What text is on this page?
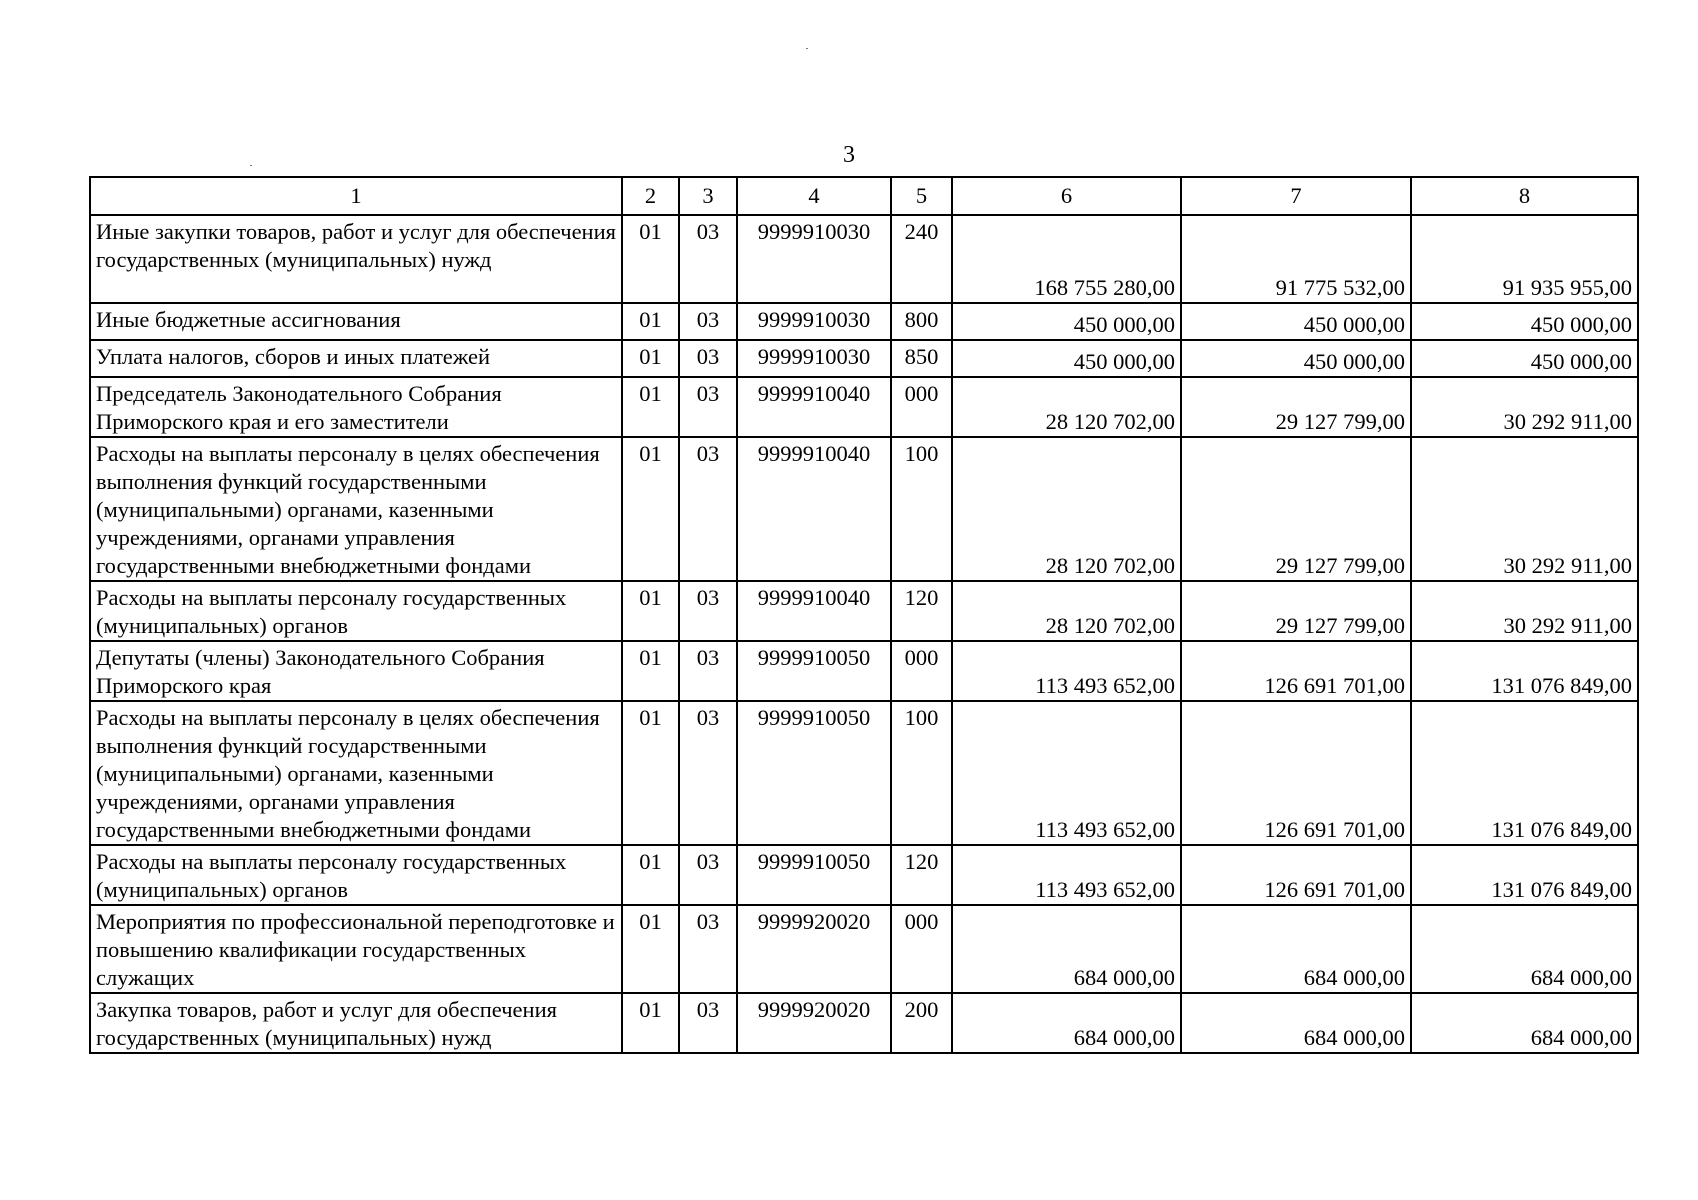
3
1	2	3	4	5	6	7	8
Иные закупки товаров, работ и услуг для обеспечения государственных (муниципальных) нужд	01	03	9999910030	240	168 755 280,00	91 775 532,00	91 935 955,00
Иные бюджетные ассигнования	01	03	9999910030	800	450 000,00	450 000,00	450 000,00
Уплата налогов, сборов и иных платежей	01	03	9999910030	850	450 000,00	450 000,00	450 000,00
Председатель Законодательного Собрания Приморского края и его заместители	01	03	9999910040	000	28 120 702,00	29 127 799,00	30 292 911,00
Расходы на выплаты персоналу в целях обеспечения выполнения функций государственными (муниципальными) органами, казенными учреждениями, органами управления государственными внебюджетными фондами	01	03	9999910040	100	28 120 702,00	29 127 799,00	30 292 911,00
Расходы на выплаты персоналу государственных (муниципальных) органов	01	03	9999910040	120	28 120 702,00	29 127 799,00	30 292 911,00
Депутаты (члены) Законодательного Собрания Приморского края	01	03	9999910050	000	113 493 652,00	126 691 701,00	131 076 849,00
Расходы на выплаты персоналу в целях обеспечения выполнения функций государственными (муниципальными) органами, казенными учреждениями, органами управления государственными внебюджетными фондами	01	03	9999910050	100	113 493 652,00	126 691 701,00	131 076 849,00
Расходы на выплаты персоналу государственных (муниципальных) органов	01	03	9999910050	120	113 493 652,00	126 691 701,00	131 076 849,00
Мероприятия по профессиональной переподготовке и повышению квалификации государственных служащих	01	03	9999920020	000	684 000,00	684 000,00	684 000,00
Закупка товаров, работ и услуг для обеспечения государственных (муниципальных) нужд	01	03	9999920020	200	684 000,00	684 000,00	684 000,00
